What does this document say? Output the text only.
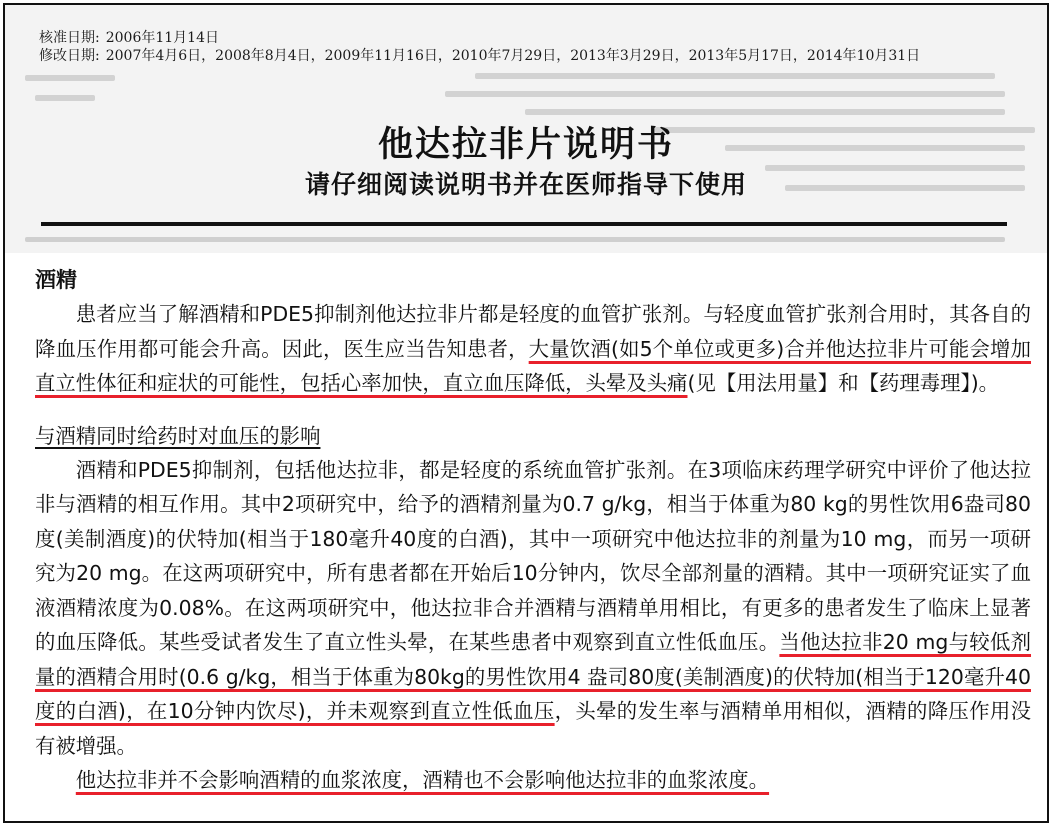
核准日期: 2006年11月14日
修改日期: 2007年4月6日，2008年8月4日，2009年11月16日，2010年7月29日，2013年3月29日，2013年5月17日，2014年10月31日
他达拉非片说明书
请仔细阅读说明书并在医师指导下使用
酒精

患者应当了解酒精和PDE5抑制剂他达拉非片都是轻度的血管扩张剂。与轻度血管扩张剂合用时，其各自的降血压作用都可能会升高。因此，医生应当告知患者，大量饮酒(如5个单位或更多)合并他达拉非片可能会增加直立性体征和症状的可能性，包括心率加快，直立血压降低，头晕及头痛(见【用法用量】和【药理毒理】)。

与酒精同时给药时对血压的影响

酒精和PDE5抑制剂，包括他达拉非，都是轻度的系统血管扩张剂。在3项临床药理学研究中评价了他达拉非与酒精的相互作用。其中2项研究中，给予的酒精剂量为0.7 g/kg，相当于体重为80 kg的男性饮用6盎司80度(美制酒度)的伏特加(相当于180毫升40度的白酒)，其中一项研究中他达拉非的剂量为10 mg，而另一项研究为20 mg。在这两项研究中，所有患者都在开始后10分钟内，饮尽全部剂量的酒精。其中一项研究证实了血液酒精浓度为0.08%。在这两项研究中，他达拉非合并酒精与酒精单用相比，有更多的患者发生了临床上显著的血压降低。某些受试者发生了直立性头晕，在某些患者中观察到直立性低血压。当他达拉非20 mg与较低剂量的酒精合用时(0.6 g/kg，相当于体重为80kg的男性饮用4 盎司80度(美制酒度)的伏特加(相当于120毫升40度的白酒)，在10分钟内饮尽)，并未观察到直立性低血压，头晕的发生率与酒精单用相似，酒精的降压作用没有被增强。

他达拉非并不会影响酒精的血浆浓度，酒精也不会影响他达拉非的血浆浓度。
